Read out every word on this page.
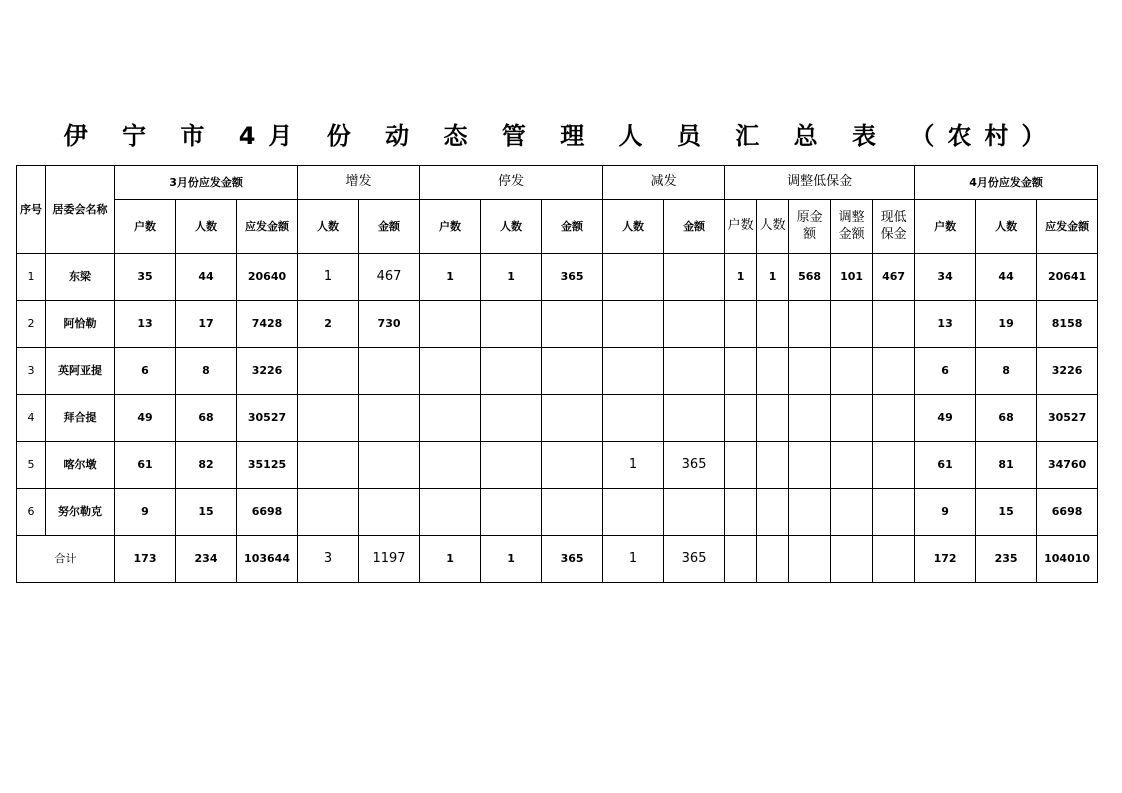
伊 宁 市 4月 份 动 态 管 理 人 员 汇 总 表 （农村）
序号	居委会名称	3月份应发金额			增发		停发			减发		调整低保金					4月份应发金额		
		户数	人数	应发金额	人数	金额	户数	人数	金额	人数	金额	户数	人数	原金额	调整金额	现低保金	户数	人数	应发金额
1	东梁	35	44	20640	1	467	1	1	365			1	1	568	101	467	34	44	20641
2	阿恰勒	13	17	7428	2	730											13	19	8158
3	英阿亚提	6	8	3226													6	8	3226
4	拜合提	49	68	30527													49	68	30527
5	喀尔墩	61	82	35125						1	365						61	81	34760
6	努尔勒克	9	15	6698													9	15	6698
合计		173	234	103644	3	1197	1	1	365	1	365						172	235	104010
